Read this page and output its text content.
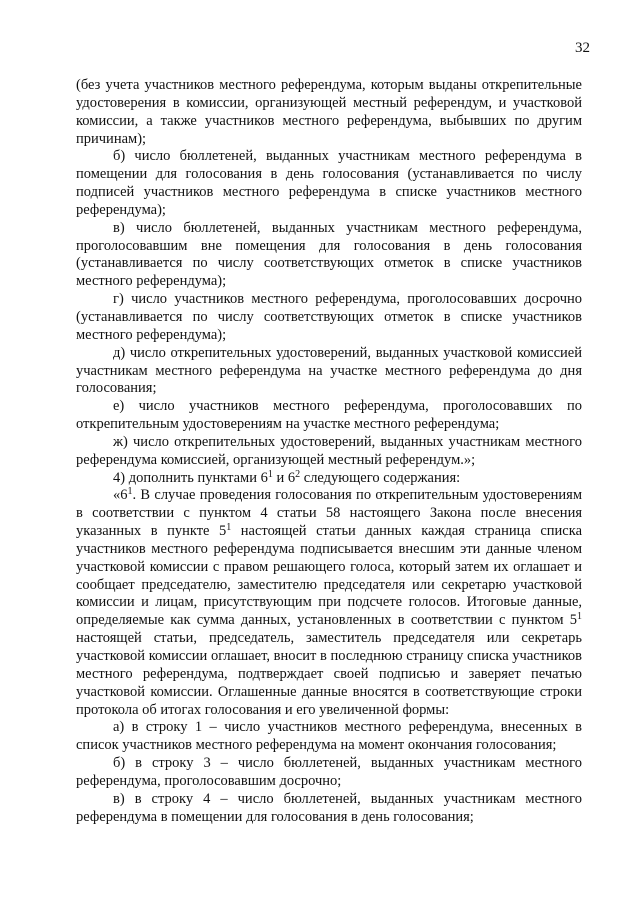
32

(без учета участников местного референдума, которым выданы открепительные удостоверения в комиссии, организующей местный референдум, и участковой комиссии, а также участников местного референдума, выбывших по другим причинам);

б) число бюллетеней, выданных участникам местного референдума в помещении для голосования в день голосования (устанавливается по числу подписей участников местного референдума в списке участников местного референдума);

в) число бюллетеней, выданных участникам местного референдума, проголосовавшим вне помещения для голосования в день голосования (устанавливается по числу соответствующих отметок в списке участников местного референдума);

г) число участников местного референдума, проголосовавших досрочно (устанавливается по числу соответствующих отметок в списке участников местного референдума);

д) число открепительных удостоверений, выданных участковой комиссией участникам местного референдума на участке местного референдума до дня голосования;

е) число участников местного референдума, проголосовавших по открепительным удостоверениям на участке местного референдума;

ж) число открепительных удостоверений, выданных участникам местного референдума комиссией, организующей местный референдум.»;

4) дополнить пунктами $6^1$ и $6^2$ следующего содержания:

«$6^1$. В случае проведения голосования по открепительным удостоверениям в соответствии с пунктом 4 статьи 58 настоящего Закона после внесения указанных в пункте $5^1$ настоящей статьи данных каждая страница списка участников местного референдума подписывается внесшим эти данные членом участковой комиссии с правом решающего голоса, который затем их оглашает и сообщает председателю, заместителю председателя или секретарю участковой комиссии и лицам, присутствующим при подсчете голосов. Итоговые данные, определяемые как сумма данных, установленных в соответствии с пунктом $5^1$ настоящей статьи, председатель, заместитель председателя или секретарь участковой комиссии оглашает, вносит в последнюю страницу списка участников местного референдума, подтверждает своей подписью и заверяет печатью участковой комиссии. Оглашенные данные вносятся в соответствующие строки протокола об итогах голосования и его увеличенной формы:

а) в строку 1 – число участников местного референдума, внесенных в список участников местного референдума на момент окончания голосования;

б) в строку 3 – число бюллетеней, выданных участникам местного референдума, проголосовавшим досрочно;

в) в строку 4 – число бюллетеней, выданных участникам местного референдума в помещении для голосования в день голосования;
